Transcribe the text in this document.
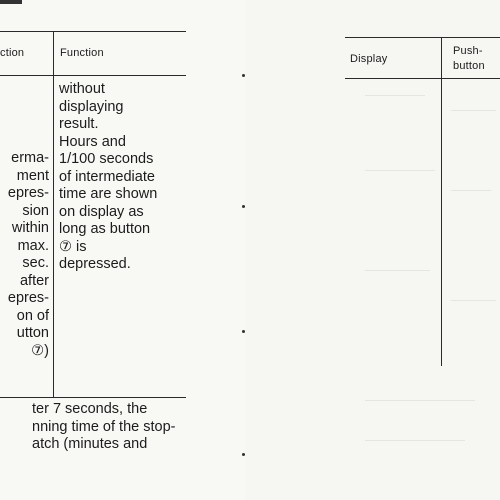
ction	Function
erma-
ment
epres-
sion
within
max.
sec.
after
epres-
on of
utton
⑦)
without
displaying
result.
Hours and
1/100 seconds
of intermediate
time are shown
on display as
long as button
⑦ is
depressed.
ter 7 seconds, the
nning time of the stop-
atch (minutes and
Display
Push-
button
